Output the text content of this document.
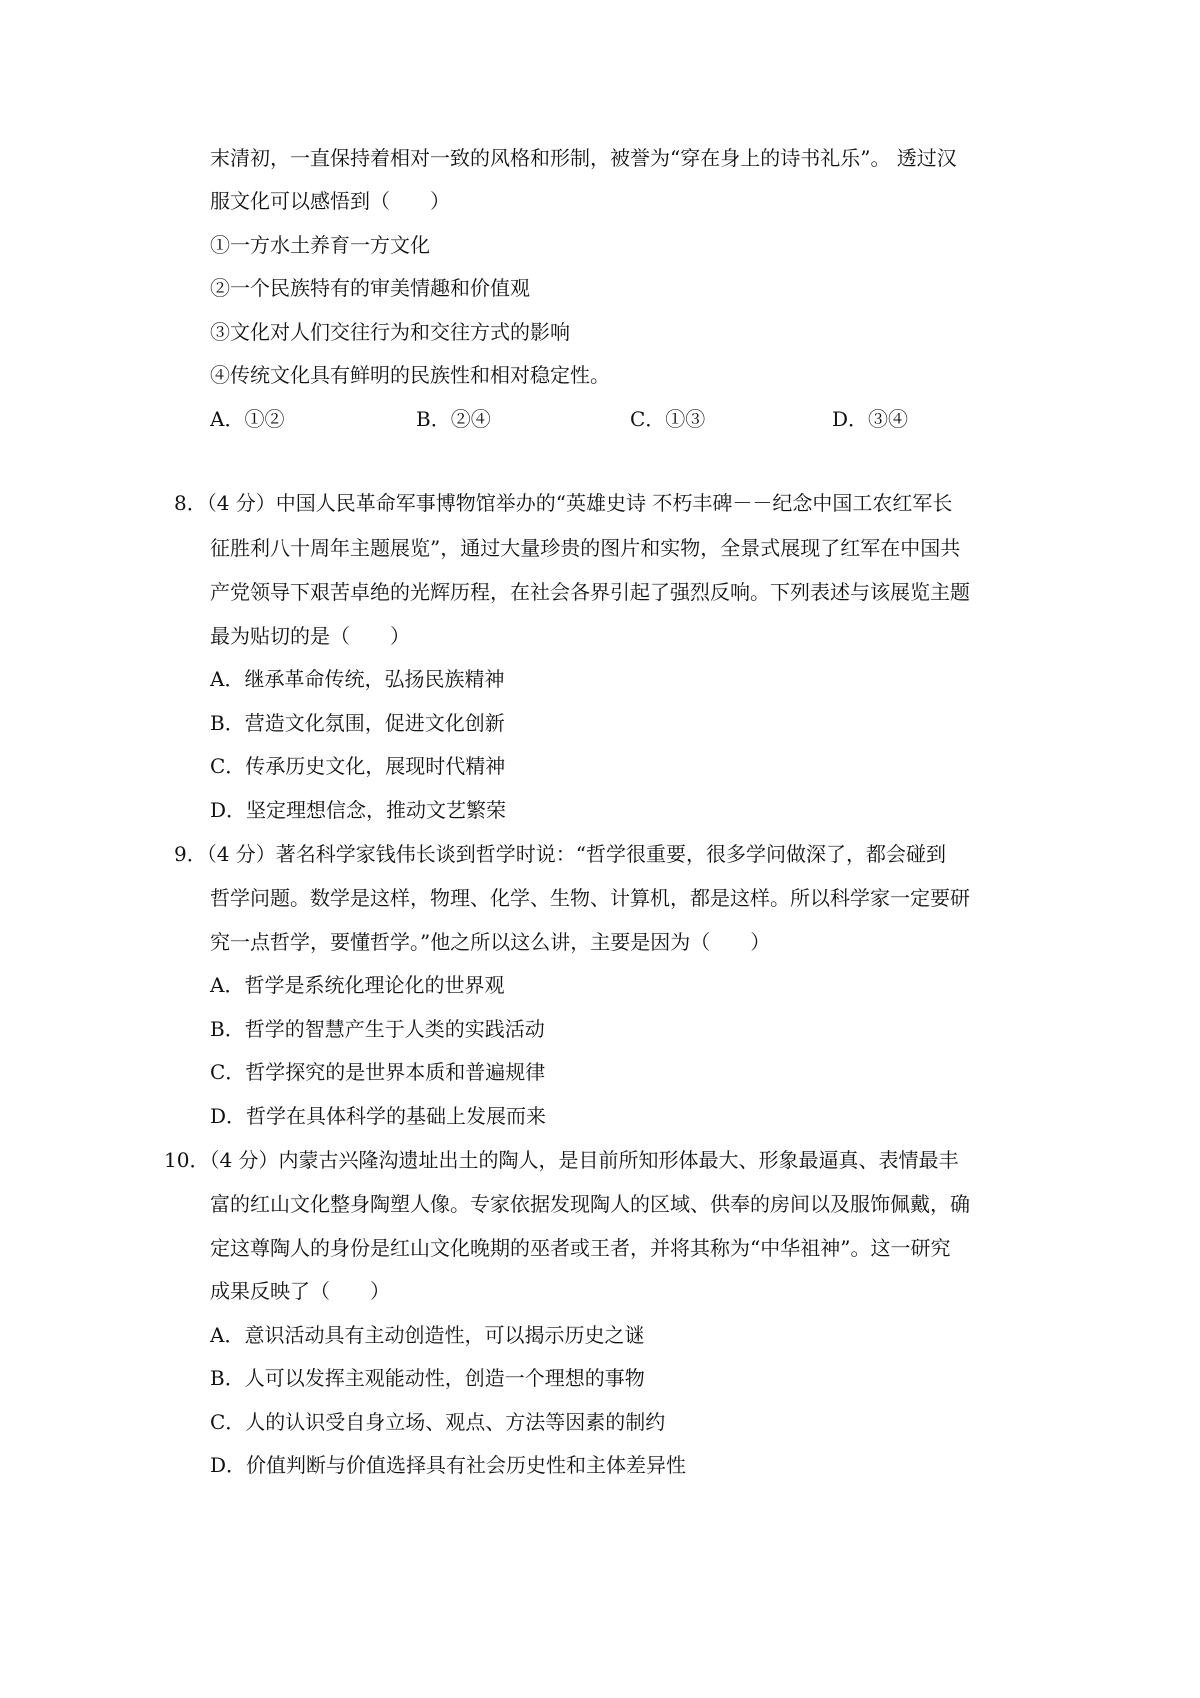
末清初，一直保持着相对一致的风格和形制，被誉为“穿在身上的诗书礼乐”。 透过汉
服文化可以感悟到（　　）
①一方水土养育一方文化
②一个民族特有的审美情趣和价值观
③文化对人们交往行为和交往方式的影响
④传统文化具有鲜明的民族性和相对稳定性。
A．①②	B．②④	C．①③	D．③④
8．（4 分）中国人民革命军事博物馆举办的“英雄史诗 不朽丰碑－－纪念中国工农红军长
征胜利八十周年主题展览”，通过大量珍贵的图片和实物，全景式展现了红军在中国共
产党领导下艰苦卓绝的光辉历程，在社会各界引起了强烈反响。下列表述与该展览主题
最为贴切的是（　　）
A．继承革命传统，弘扬民族精神
B．营造文化氛围，促进文化创新
C．传承历史文化，展现时代精神
D．坚定理想信念，推动文艺繁荣
9．（4 分）著名科学家钱伟长谈到哲学时说：“哲学很重要，很多学问做深了，都会碰到
哲学问题。数学是这样，物理、化学、生物、计算机，都是这样。所以科学家一定要研
究一点哲学，要懂哲学。”他之所以这么讲，主要是因为（　　）
A．哲学是系统化理论化的世界观
B．哲学的智慧产生于人类的实践活动
C．哲学探究的是世界本质和普遍规律
D．哲学在具体科学的基础上发展而来
10．（4 分）内蒙古兴隆沟遗址出土的陶人，是目前所知形体最大、形象最逼真、表情最丰
富的红山文化整身陶塑人像。专家依据发现陶人的区域、供奉的房间以及服饰佩戴，确
定这尊陶人的身份是红山文化晚期的巫者或王者，并将其称为“中华祖神”。这一研究
成果反映了（　　）
A．意识活动具有主动创造性，可以揭示历史之谜
B．人可以发挥主观能动性，创造一个理想的事物
C．人的认识受自身立场、观点、方法等因素的制约
D．价值判断与价值选择具有社会历史性和主体差异性
